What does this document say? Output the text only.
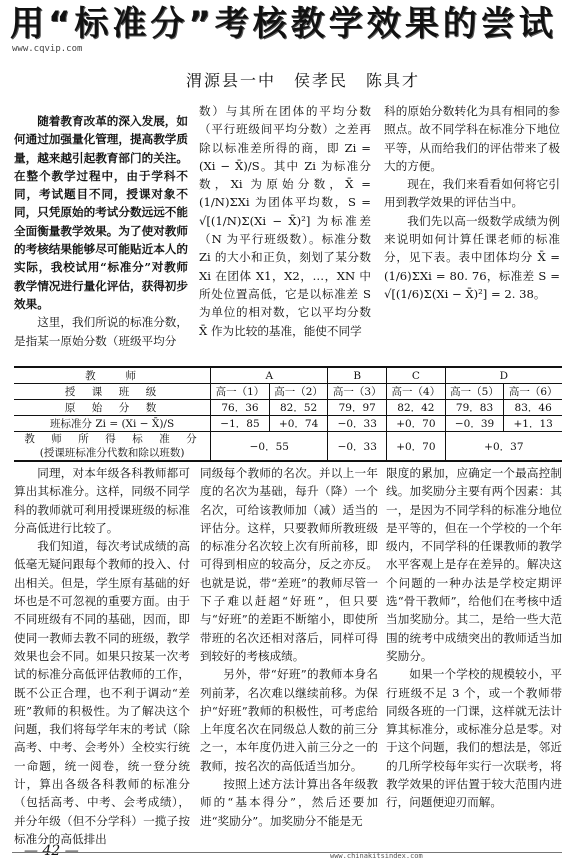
用“标准分”考核教学效果的尝试
www.cqvip.com
渭源县一中　侯孝民　陈具才

随着教育改革的深入发展，如何通过加强量化管理，提高教学质量，越来越引起教育部门的关注。在整个教学过程中，由于学科不同，考试题目不同，授课对象不同，只凭原始的考试分数远远不能全面衡量教学效果。为了使对教师的考核结果能够尽可能贴近本人的实际，我校试用“标准分”对教师教学情况进行量化评估，获得初步效果。

这里，我们所说的标准分数，是指某一原始分数（班级平均分

数）与其所在团体的平均分数（平行班级间平均分数）之差再除以标准差所得的商，即 Zi = (Xi − X̄)/S。其中 Zi 为标准分数，Xi 为原始分数，X̄ = (1/N)ΣXi 为团体平均数，S = √[(1/N)Σ(Xi − X̄)²] 为标准差（N 为平行班级数）。标准分数 Zi 的大小和正负，刻划了某分数 Xi 在团体 X1，X2，…，XN 中所处位置高低，它是以标准差 S 为单位的相对数，它以平均分数 X̄ 作为比较的基准，能使不同学

科的原始分数转化为具有相同的参照点。故不同学科在标准分下地位平等，从而给我们的评估带来了极大的方便。

现在，我们来看看如何将它引用到教学效果的评估当中。

我们先以高一级数学成绩为例来说明如何计算任课老师的标准分，见下表。表中团体均分 X̄ = (1/6)ΣXi = 80. 76，标准差 S = √[(1/6)Σ(Xi − X̄)²] = 2. 38。

教　　师	A		B	C	D	
授　课　班　级	高一（1）	高一（2）	高一（3）	高一（4）	高一（5）	高一（6）
原　始　分　数	76．36	82．52	79．97	82．42	79．83	83．46
班标准分 Zi = (Xi − X̄)/S	−1．85	+0．74	−0．33	+0．70	−0．39	+1．13

教　师　所　得　标　准　分
(授课班标准分代数和除以班数)	−0．55		−0．33	+0．70	+0．37	

同理，对本年级各科教师都可算出其标准分。这样，同级不同学科的教师就可利用授课班级的标准分高低进行比较了。

我们知道，每次考试成绩的高低毫无疑问跟每个教师的投入、付出相关。但是，学生原有基础的好坏也是不可忽视的重要方面。由于不同班级有不同的基础，因而，即使同一教师去教不同的班级，教学效果也会不同。如果只按某一次考试的标准分高低评估教师的工作，既不公正合理，也不利于调动“差班”教师的积极性。为了解决这个问题，我们将每学年末的考试（除高考、中考、会考外）全校实行统一命题，统一阅卷，统一登分统计，算出各级各科教师的标准分（包括高考、中考、会考成绩），并分年级（但不分学科）一揽子按标准分的高低排出

同级每个教师的名次。并以上一年度的名次为基础，每升（降）一个名次，可给该教师加（减）适当的评估分。这样，只要教师所教班级的标准分名次较上次有所前移，即可得到相应的较高分，反之亦反。也就是说，带“差班”的教师尽管一下子难以赶超“好班”，但只要与“好班”的差距不断缩小，即使所带班的名次还相对落后，同样可得到较好的考核成绩。

另外，带“好班”的教师本身名列前茅，名次难以继续前移。为保护“好班”教师的积极性，可考虑给上年度名次在同级总人数的前三分之一，本年度仍进入前三分之一的教师，按名次的高低适当加分。

按照上述方法计算出各年级教师的“基本得分”，然后还要加进“奖励分”。加奖励分不能是无

限度的累加，应确定一个最高控制线。加奖励分主要有两个因素：其一，是因为不同学科的标准分地位是平等的，但在一个学校的一个年级内，不同学科的任课教师的教学水平客观上是存在差异的。解决这个问题的一种办法是学校定期评选“骨干教师”，给他们在考核中适当加奖励分。其二，是给一些大范围的统考中成绩突出的教师适当加奖励分。

如果一个学校的规模较小，平行班级不足 3 个，或一个教师带同级各班的一门课，这样就无法计算其标准分，或标准分总是零。对于这个问题，我们的想法是，邻近的几所学校每年实行一次联考，将教学效果的评估置于较大范围内进行，问题便迎刃而解。

— 42 —	www.chinakitsindex.com
